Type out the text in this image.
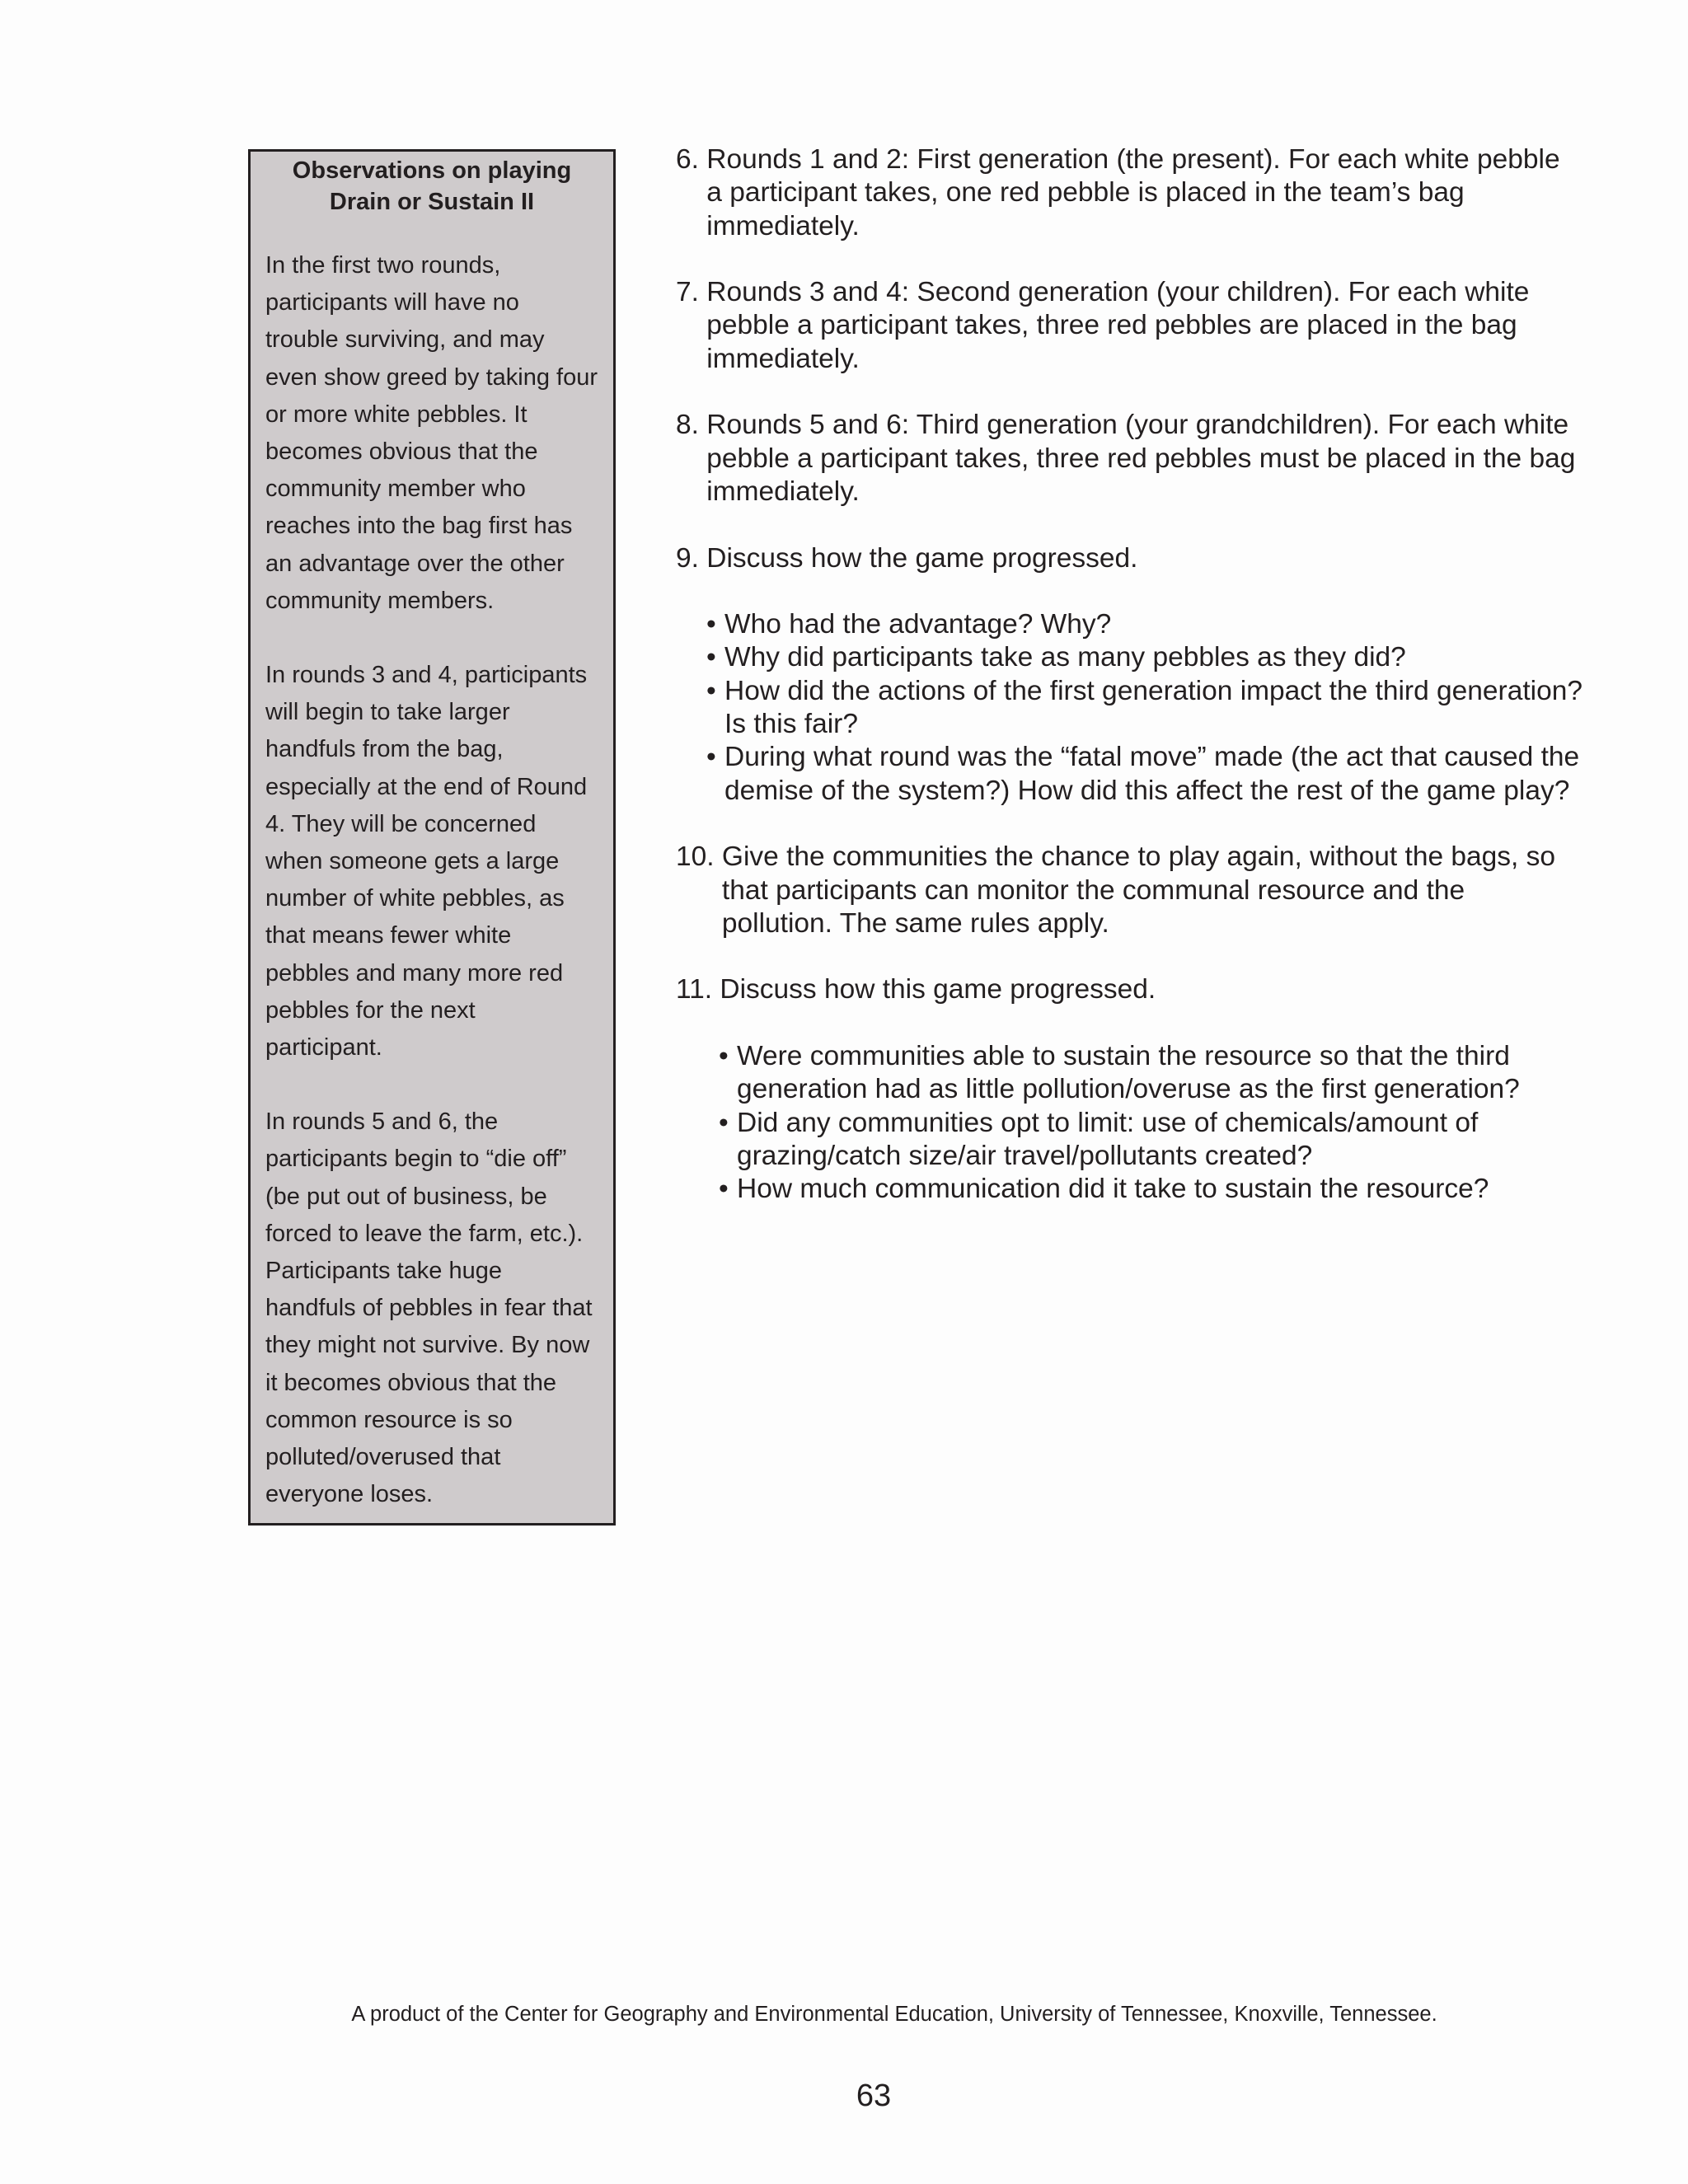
Observations on playing
Drain or Sustain II

In the first two rounds, participants will have no trouble surviving, and may even show greed by taking four or more white pebbles. It becomes obvious that the community member who reaches into the bag first has an advantage over the other community members.

In rounds 3 and 4, participants will begin to take larger handfuls from the bag, especially at the end of Round 4. They will be concerned when someone gets a large number of white pebbles, as that means fewer white pebbles and many more red pebbles for the next participant.

In rounds 5 and 6, the participants begin to “die off” (be put out of business, be forced to leave the farm, etc.). Participants take huge handfuls of pebbles in fear that they might not survive. By now it becomes obvious that the common resource is so polluted/overused that everyone loses.

6. Rounds 1 and 2: First generation (the present). For each white pebble a participant takes, one red pebble is placed in the team’s bag immediately.
7. Rounds 3 and 4: Second generation (your children). For each white pebble a participant takes, three red pebbles are placed in the bag immediately.
8. Rounds 5 and 6: Third generation (your grandchildren). For each white pebble a participant takes, three red pebbles must be placed in the bag immediately.
9. Discuss how the game progressed.
• Who had the advantage? Why?
• Why did participants take as many pebbles as they did?
• How did the actions of the first generation impact the third generation? Is this fair?
• During what round was the “fatal move” made (the act that caused the demise of the system?) How did this affect the rest of the game play?
10. Give the communities the chance to play again, without the bags, so that participants can monitor the communal resource and the pollution. The same rules apply.
11. Discuss how this game progressed.
• Were communities able to sustain the resource so that the third generation had as little pollution/overuse as the first generation?
• Did any communities opt to limit: use of chemicals/amount of grazing/catch size/air travel/pollutants created?
• How much communication did it take to sustain the resource?
A product of the Center for Geography and Environmental Education, University of Tennessee, Knoxville, Tennessee.
63
